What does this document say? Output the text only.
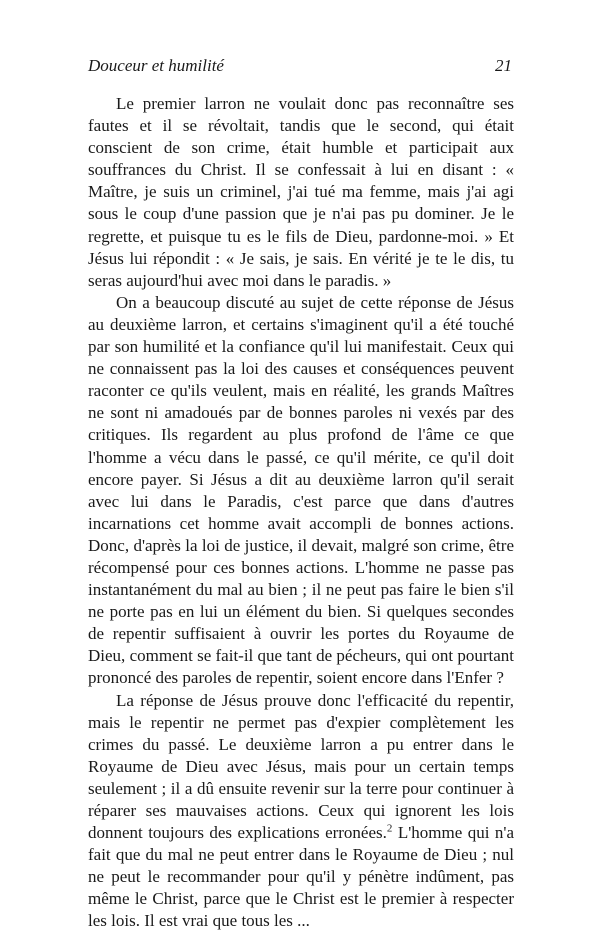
Douceur et humilité	21

Le premier larron ne voulait donc pas reconnaître ses fautes et il se révoltait, tandis que le second, qui était conscient de son crime, était humble et participait aux souffrances du Christ. Il se confessait à lui en disant : « Maître, je suis un criminel, j'ai tué ma femme, mais j'ai agi sous le coup d'une passion que je n'ai pas pu dominer. Je le regrette, et puisque tu es le fils de Dieu, pardonne-moi. » Et Jésus lui répondit : « Je sais, je sais. En vérité je te le dis, tu seras aujourd'hui avec moi dans le paradis. »

On a beaucoup discuté au sujet de cette réponse de Jésus au deuxième larron, et certains s'imaginent qu'il a été touché par son humilité et la confiance qu'il lui manifestait. Ceux qui ne connaissent pas la loi des causes et conséquences peuvent raconter ce qu'ils veulent, mais en réalité, les grands Maîtres ne sont ni amadoués par de bonnes paroles ni vexés par des critiques. Ils regardent au plus profond de l'âme ce que l'homme a vécu dans le passé, ce qu'il mérite, ce qu'il doit encore payer. Si Jésus a dit au deuxième larron qu'il serait avec lui dans le Paradis, c'est parce que dans d'autres incarnations cet homme avait accompli de bonnes actions. Donc, d'après la loi de justice, il devait, malgré son crime, être récompensé pour ces bonnes actions. L'homme ne passe pas instantanément du mal au bien ; il ne peut pas faire le bien s'il ne porte pas en lui un élément du bien. Si quelques secondes de repentir suffisaient à ouvrir les portes du Royaume de Dieu, comment se fait-il que tant de pécheurs, qui ont pourtant prononcé des paroles de repentir, soient encore dans l'Enfer ?

La réponse de Jésus prouve donc l'efficacité du repentir, mais le repentir ne permet pas d'expier complètement les crimes du passé. Le deuxième larron a pu entrer dans le Royaume de Dieu avec Jésus, mais pour un certain temps seulement ; il a dû ensuite revenir sur la terre pour continuer à réparer ses mauvaises actions. Ceux qui ignorent les lois donnent toujours des explications erronées.$^2$ L'homme qui n'a fait que du mal ne peut entrer dans le Royaume de Dieu ; nul ne peut le recommander pour qu'il y pénètre indûment, pas même le Christ, parce que le Christ est le premier à respecter les lois. Il est vrai que tous les ...
